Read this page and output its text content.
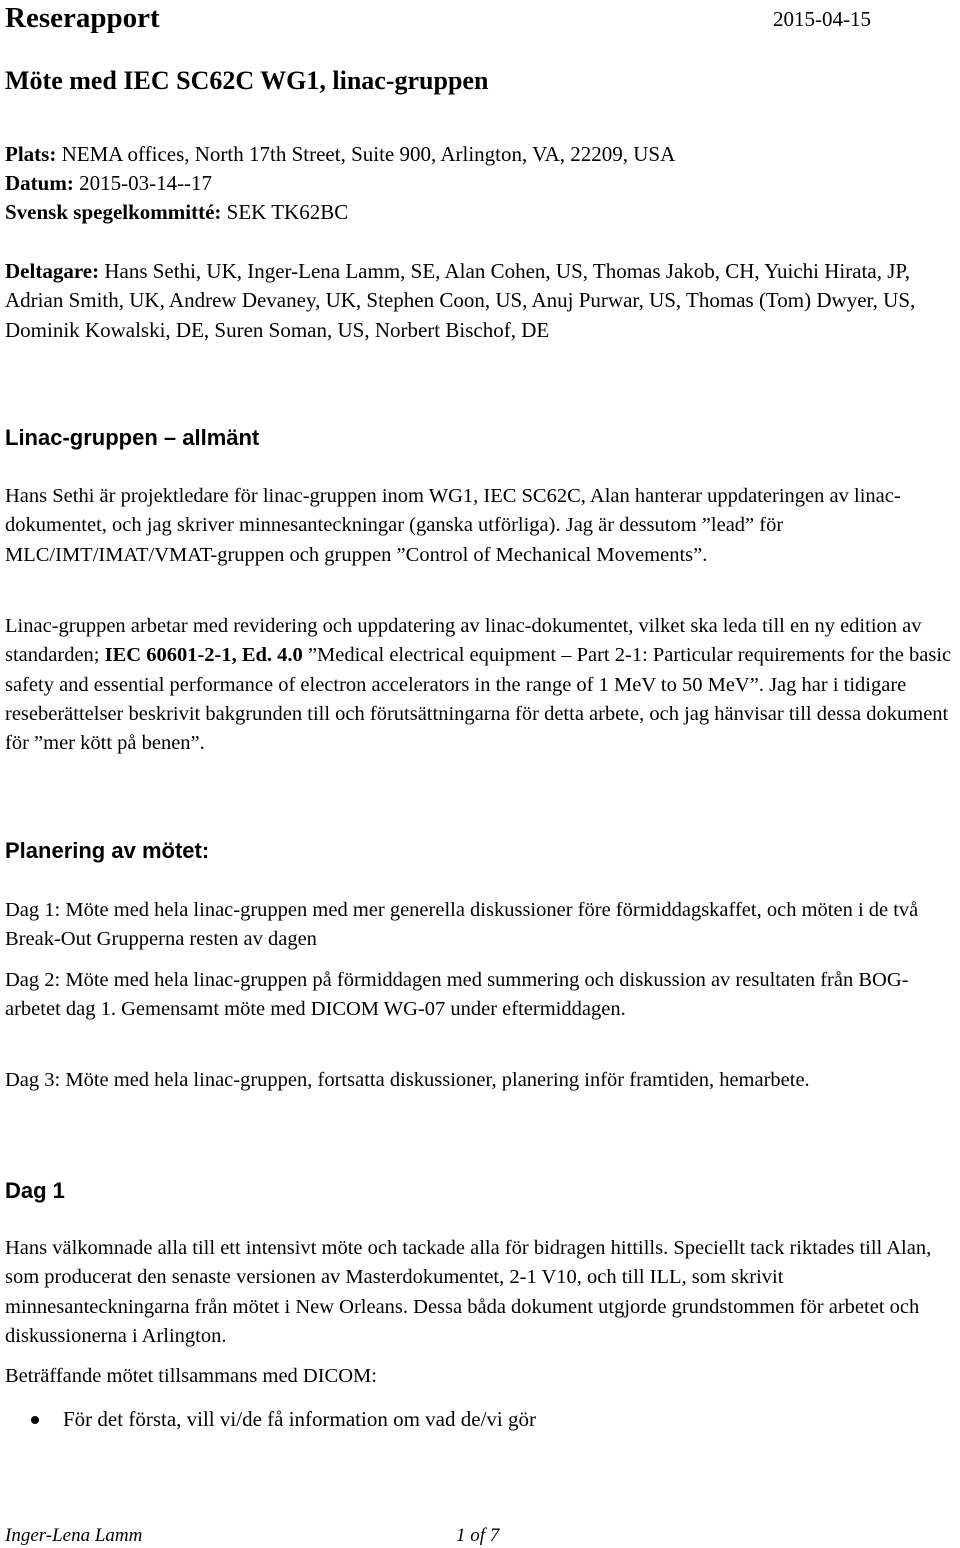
Reserapport	2015-04-15
Möte med IEC SC62C WG1, linac-gruppen
Plats: NEMA offices, North 17th Street, Suite 900, Arlington, VA, 22209, USA
Datum: 2015-03-14--17
Svensk spegelkommitté: SEK TK62BC
Deltagare: Hans Sethi, UK, Inger-Lena Lamm, SE, Alan Cohen, US, Thomas Jakob, CH, Yuichi Hirata, JP, Adrian Smith, UK, Andrew Devaney, UK, Stephen Coon, US, Anuj Purwar, US, Thomas (Tom) Dwyer, US, Dominik Kowalski, DE, Suren Soman, US, Norbert Bischof, DE
Linac-gruppen – allmänt
Hans Sethi är projektledare för linac-gruppen inom WG1, IEC SC62C, Alan hanterar uppdateringen av linac-dokumentet, och jag skriver minnesanteckningar (ganska utförliga). Jag är dessutom ”lead” för MLC/IMT/IMAT/VMAT-gruppen och gruppen ”Control of Mechanical Movements”.
Linac-gruppen arbetar med revidering och uppdatering av linac-dokumentet, vilket ska leda till en ny edition av standarden; IEC 60601-2-1, Ed. 4.0 ”Medical electrical equipment – Part 2-1: Particular requirements for the basic safety and essential performance of electron accelerators in the range of 1 MeV to 50 MeV”. Jag har i tidigare reseberättelser beskrivit bakgrunden till och förutsättningarna för detta arbete, och jag hänvisar till dessa dokument för ”mer kött på benen”.
Planering av mötet:
Dag 1: Möte med hela linac-gruppen med mer generella diskussioner före förmiddagskaffet, och möten i de två Break-Out Grupperna resten av dagen
Dag 2: Möte med hela linac-gruppen på förmiddagen med summering och diskussion av resultaten från BOG-arbetet dag 1. Gemensamt möte med DICOM WG-07 under eftermiddagen.
Dag 3: Möte med hela linac-gruppen, fortsatta diskussioner, planering inför framtiden, hemarbete.
Dag 1
Hans välkomnade alla till ett intensivt möte och tackade alla för bidragen hittills. Speciellt tack riktades till Alan, som producerat den senaste versionen av Masterdokumentet, 2-1 V10, och till ILL, som skrivit minnesanteckningarna från mötet i New Orleans. Dessa båda dokument utgjorde grundstommen för arbetet och diskussionerna i Arlington.
Beträffande mötet tillsammans med DICOM:
För det första, vill vi/de få information om vad de/vi gör
Inger-Lena Lamm	1 of 7
